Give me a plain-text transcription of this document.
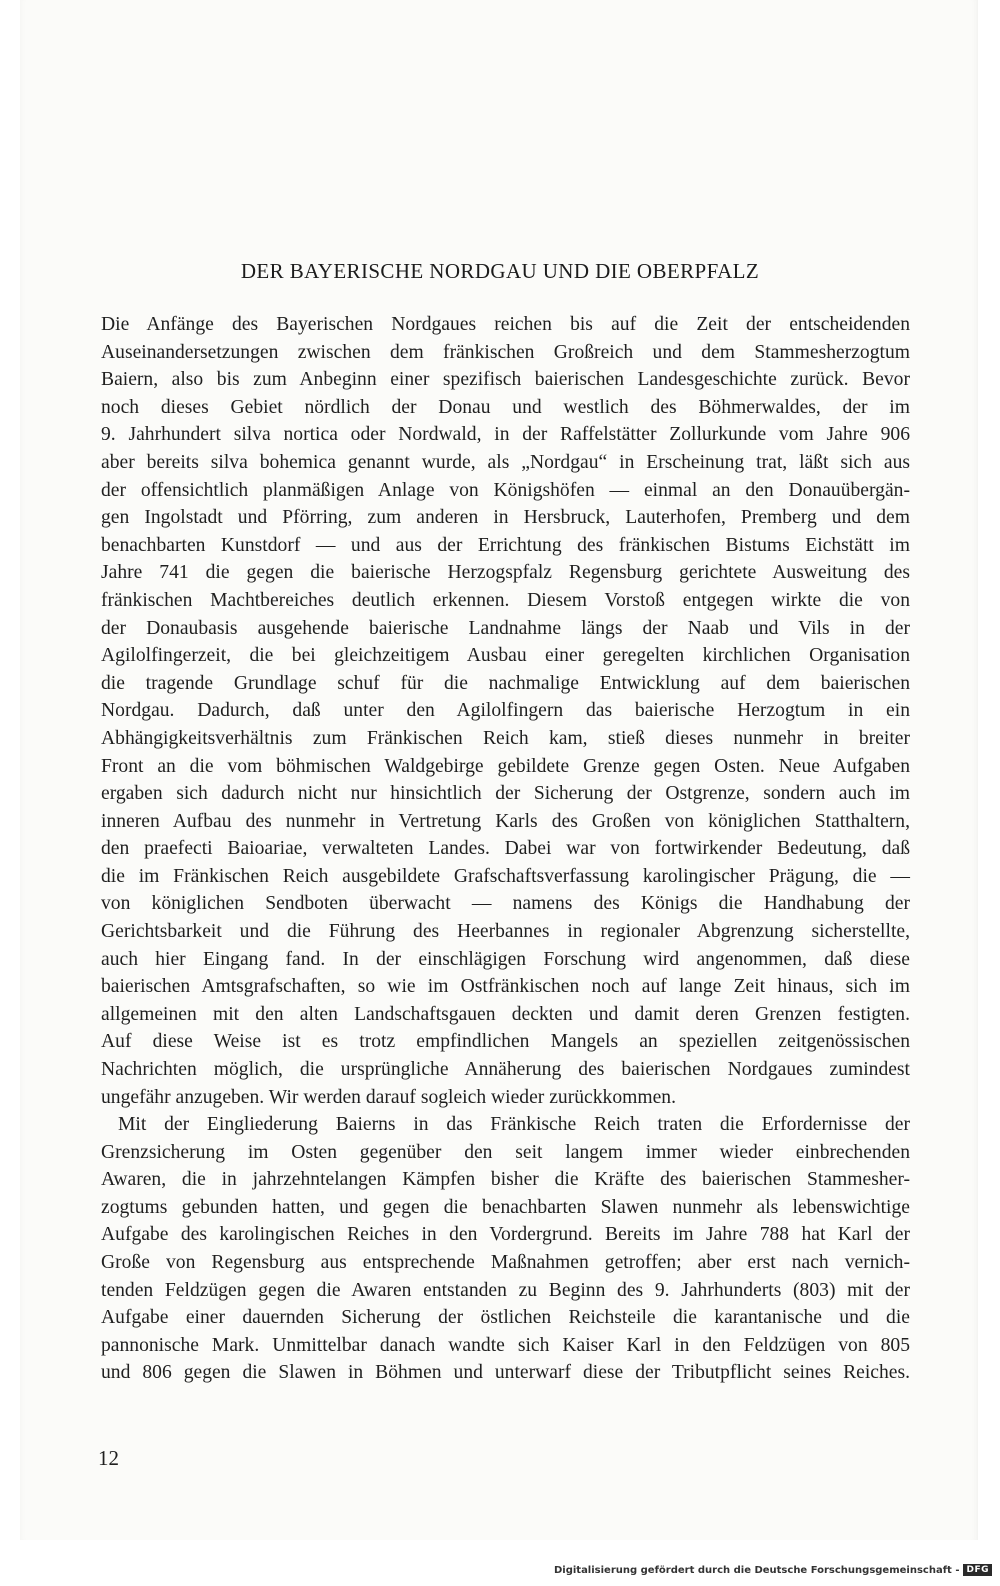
DER BAYERISCHE NORDGAU UND DIE OBERPFALZ
Die Anfänge des Bayerischen Nordgaues reichen bis auf die Zeit der entscheidenden
Auseinandersetzungen zwischen dem fränkischen Großreich und dem Stammesherzogtum
Baiern, also bis zum Anbeginn einer spezifisch baierischen Landesgeschichte zurück. Bevor
noch dieses Gebiet nördlich der Donau und westlich des Böhmerwaldes, der im
9. Jahrhundert silva nortica oder Nordwald, in der Raffelstätter Zollurkunde vom Jahre 906
aber bereits silva bohemica genannt wurde, als „Nordgau“ in Erscheinung trat, läßt sich aus
der offensichtlich planmäßigen Anlage von Königshöfen — einmal an den Donauübergän-
gen Ingolstadt und Pförring, zum anderen in Hersbruck, Lauterhofen, Premberg und dem
benachbarten Kunstdorf — und aus der Errichtung des fränkischen Bistums Eichstätt im
Jahre 741 die gegen die baierische Herzogspfalz Regensburg gerichtete Ausweitung des
fränkischen Machtbereiches deutlich erkennen. Diesem Vorstoß entgegen wirkte die von
der Donaubasis ausgehende baierische Landnahme längs der Naab und Vils in der
Agilolfingerzeit, die bei gleichzeitigem Ausbau einer geregelten kirchlichen Organisation
die tragende Grundlage schuf für die nachmalige Entwicklung auf dem baierischen
Nordgau. Dadurch, daß unter den Agilolfingern das baierische Herzogtum in ein
Abhängigkeitsverhältnis zum Fränkischen Reich kam, stieß dieses nunmehr in breiter
Front an die vom böhmischen Waldgebirge gebildete Grenze gegen Osten. Neue Aufgaben
ergaben sich dadurch nicht nur hinsichtlich der Sicherung der Ostgrenze, sondern auch im
inneren Aufbau des nunmehr in Vertretung Karls des Großen von königlichen Statthaltern,
den praefecti Baioariae, verwalteten Landes. Dabei war von fortwirkender Bedeutung, daß
die im Fränkischen Reich ausgebildete Grafschaftsverfassung karolingischer Prägung, die —
von königlichen Sendboten überwacht — namens des Königs die Handhabung der
Gerichtsbarkeit und die Führung des Heerbannes in regionaler Abgrenzung sicherstellte,
auch hier Eingang fand. In der einschlägigen Forschung wird angenommen, daß diese
baierischen Amtsgrafschaften, so wie im Ostfränkischen noch auf lange Zeit hinaus, sich im
allgemeinen mit den alten Landschaftsgauen deckten und damit deren Grenzen festigten.
Auf diese Weise ist es trotz empfindlichen Mangels an speziellen zeitgenössischen
Nachrichten möglich, die ursprüngliche Annäherung des baierischen Nordgaues zumindest
ungefähr anzugeben. Wir werden darauf sogleich wieder zurückkommen.
Mit der Eingliederung Baierns in das Fränkische Reich traten die Erfordernisse der
Grenzsicherung im Osten gegenüber den seit langem immer wieder einbrechenden
Awaren, die in jahrzehntelangen Kämpfen bisher die Kräfte des baierischen Stammesher-
zogtums gebunden hatten, und gegen die benachbarten Slawen nunmehr als lebenswichtige
Aufgabe des karolingischen Reiches in den Vordergrund. Bereits im Jahre 788 hat Karl der
Große von Regensburg aus entsprechende Maßnahmen getroffen; aber erst nach vernich-
tenden Feldzügen gegen die Awaren entstanden zu Beginn des 9. Jahrhunderts (803) mit der
Aufgabe einer dauernden Sicherung der östlichen Reichsteile die karantanische und die
pannonische Mark. Unmittelbar danach wandte sich Kaiser Karl in den Feldzügen von 805
und 806 gegen die Slawen in Böhmen und unterwarf diese der Tributpflicht seines Reiches.
12
Digitalisierung gefördert durch die Deutsche Forschungsgemeinschaft - DFG
